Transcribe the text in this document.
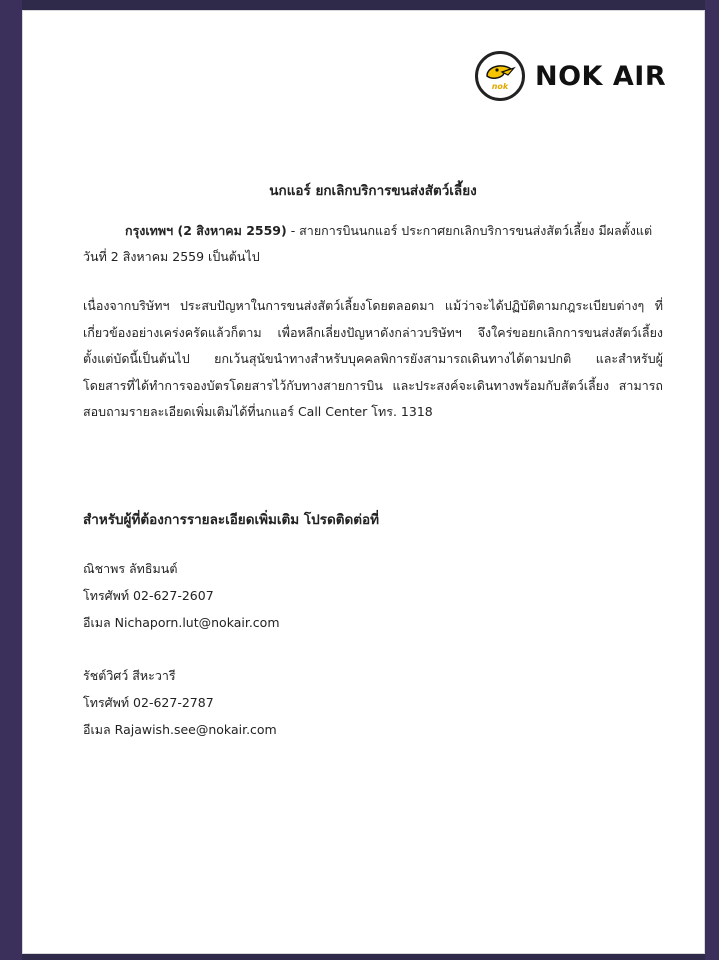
nok NOK AIR
นกแอร์ ยกเลิกบริการขนส่งสัตว์เลี้ยง
กรุงเทพฯ (2 สิงหาคม 2559) - สายการบินนกแอร์ ประกาศยกเลิกบริการขนส่งสัตว์เลี้ยง มีผลตั้งแต่ วันที่ 2 สิงหาคม 2559 เป็นต้นไป
เนื่องจากบริษัทฯ ประสบปัญหาในการขนส่งสัตว์เลี้ยงโดยตลอดมา แม้ว่าจะได้ปฏิบัติตามกฎระเบียบต่างๆ ที่เกี่ยวข้องอย่างเคร่งครัดแล้วก็ตาม เพื่อหลีกเลี่ยงปัญหาดังกล่าวบริษัทฯ จึงใคร่ขอยกเลิกการขนส่งสัตว์เลี้ยง ตั้งแต่บัดนี้เป็นต้นไป ยกเว้นสุนัขนำทางสำหรับบุคคลพิการยังสามารถเดินทางได้ตามปกติ และสำหรับผู้โดยสารที่ได้ทำการจองบัตรโดยสารไว้กับทางสายการบิน และประสงค์จะเดินทางพร้อมกับสัตว์เลี้ยง สามารถสอบถามรายละเอียดเพิ่มเติมได้ที่นกแอร์ Call Center โทร. 1318
สำหรับผู้ที่ต้องการรายละเอียดเพิ่มเติม โปรดติดต่อที่
ณิชาพร ลัทธิมนต์
โทรศัพท์ 02-627-2607
อีเมล Nichaporn.lut@nokair.com
รัชต์วิศว์ สีหะวารี
โทรศัพท์ 02-627-2787
อีเมล Rajawish.see@nokair.com
